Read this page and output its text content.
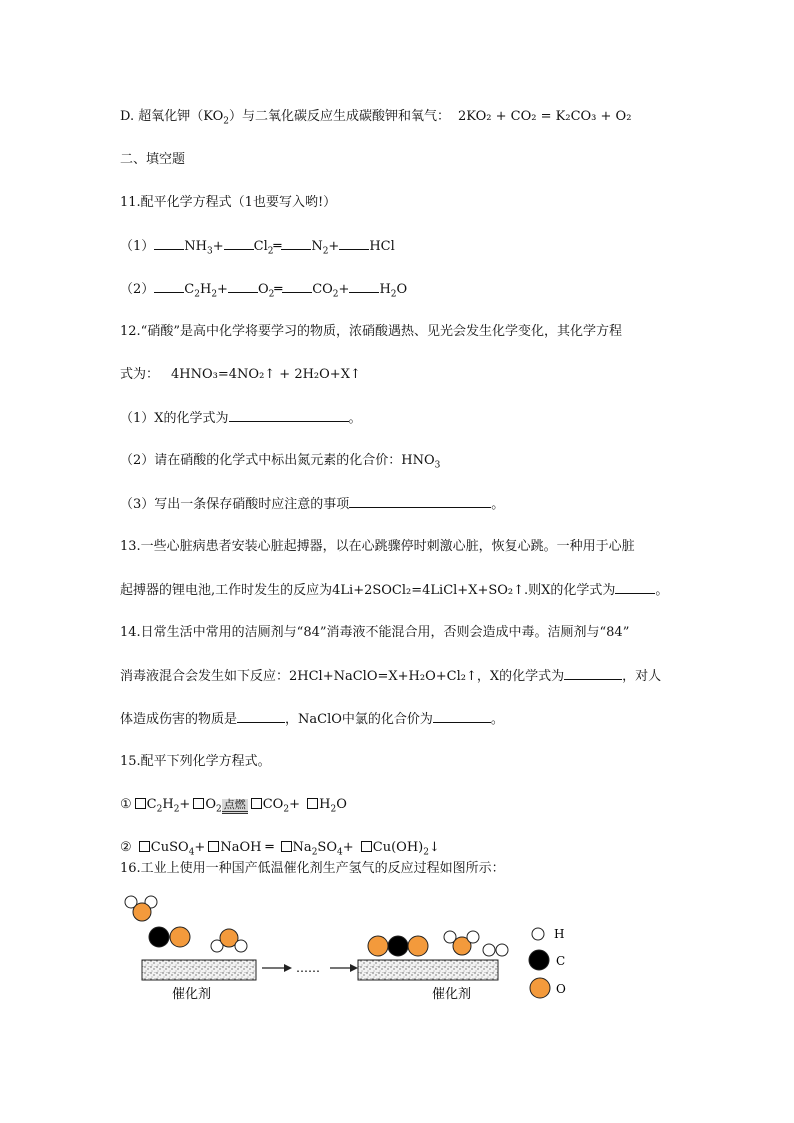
D. 超氧化钾$(KO_2)$与二氧化碳反应生成碳酸钾和氧气： 2KO₂ + CO₂ = K₂CO₃ + O₂
二、填空题
11.配平化学方程式（1也要写入哟!）
（1） $NH_3+$ $Cl_2═$ $N_2+$ HCl
（2） $C_2H_2+$ $O_2═$ $CO_2+ H_2O$
12.“硝酸”是高中化学将要学习的物质，浓硝酸遇热、见光会发生化学变化，其化学方程
式为： 4HNO₃=4NO₂↑ + 2H₂O+X↑
（1）X的化学式为	。
（2）请在硝酸的化学式中标出氮元素的化合价：$HNO_3$
（3）写出一条保存硝酸时应注意的事项	。
13.一些心脏病患者安装心脏起搏器，以在心跳骤停时刺激心脏，恢复心跳。一种用于心脏
起搏器的锂电池,工作时发生的反应为4Li+2SOCl₂=4LiCl+X+SO₂↑.则X的化学式为	。
14.日常生活中常用的洁厕剂与“84”消毒液不能混合用，否则会造成中毒。洁厕剂与“84”
消毒液混合会发生如下反应：2HCl+NaClO=X+H₂O+Cl₂↑，X的化学式为	，对人
体造成伤害的物质是	，NaClO中氯的化合价为	。
15.配平下列化学方程式。
① $C_2H_2+ O_2$ 点燃 $CO_2+ H_2O$
② CuSO$_4$+ NaOH ═ $Na_2SO_4+$ $Cu(OH)_2↓$
16.工业上使用一种国产低温催化剂生产氢气的反应过程如图所示：
催化剂
……
催化剂
H
C
O
